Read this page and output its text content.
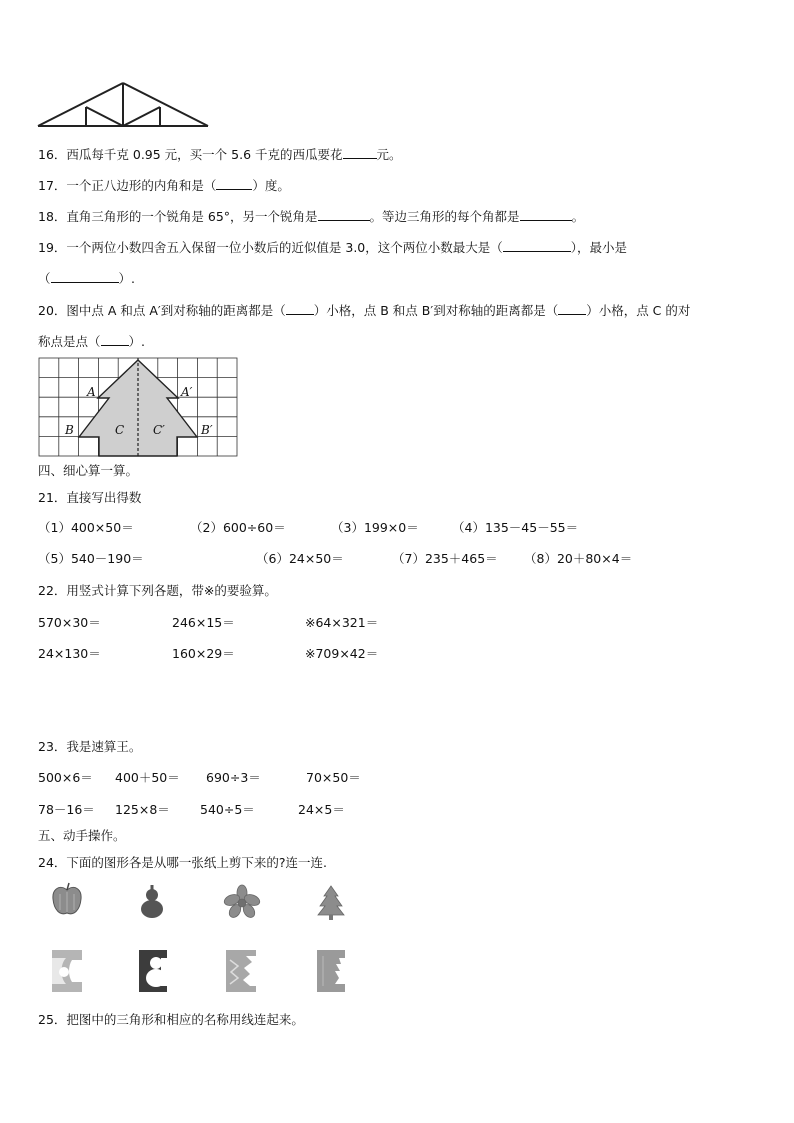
16．西瓜每千克 0.95 元，买一个 5.6 千克的西瓜要花	元。
17．一个正八边形的内角和是（	）度。
18．直角三角形的一个锐角是 65°，另一个锐角是	。等边三角形的每个角都是	。
19．一个两位小数四舍五入保留一位小数后的近似值是 3.0，这个两位小数最大是（	），最小是
（	）.
20．图中点 A 和点 A′到对称轴的距离都是（ ）小格，点 B 和点 B′到对称轴的距离都是（ ）小格，点 C 的对
称点是点（ ）.
A	A′
B	C C′	B′
四、细心算一算。
21．直接写出得数
（1）400×50＝	（2）600÷60＝	（3）199×0＝	（4）135－45－55＝
（5）540－190＝	（6）24×50＝	（7）235＋465＝ （8）20＋80×4＝
22．用竖式计算下列各题，带※的要验算。
570×30＝	246×15＝	※64×321＝
24×130＝	160×29＝	※709×42＝
23．我是速算王。
500×6＝ 400＋50＝ 690÷3＝	70×50＝
78－16＝ 125×8＝ 540÷5＝	24×5＝
五、动手操作。
24．下面的图形各是从哪一张纸上剪下来的?连一连.
25．把图中的三角形和相应的名称用线连起来。
